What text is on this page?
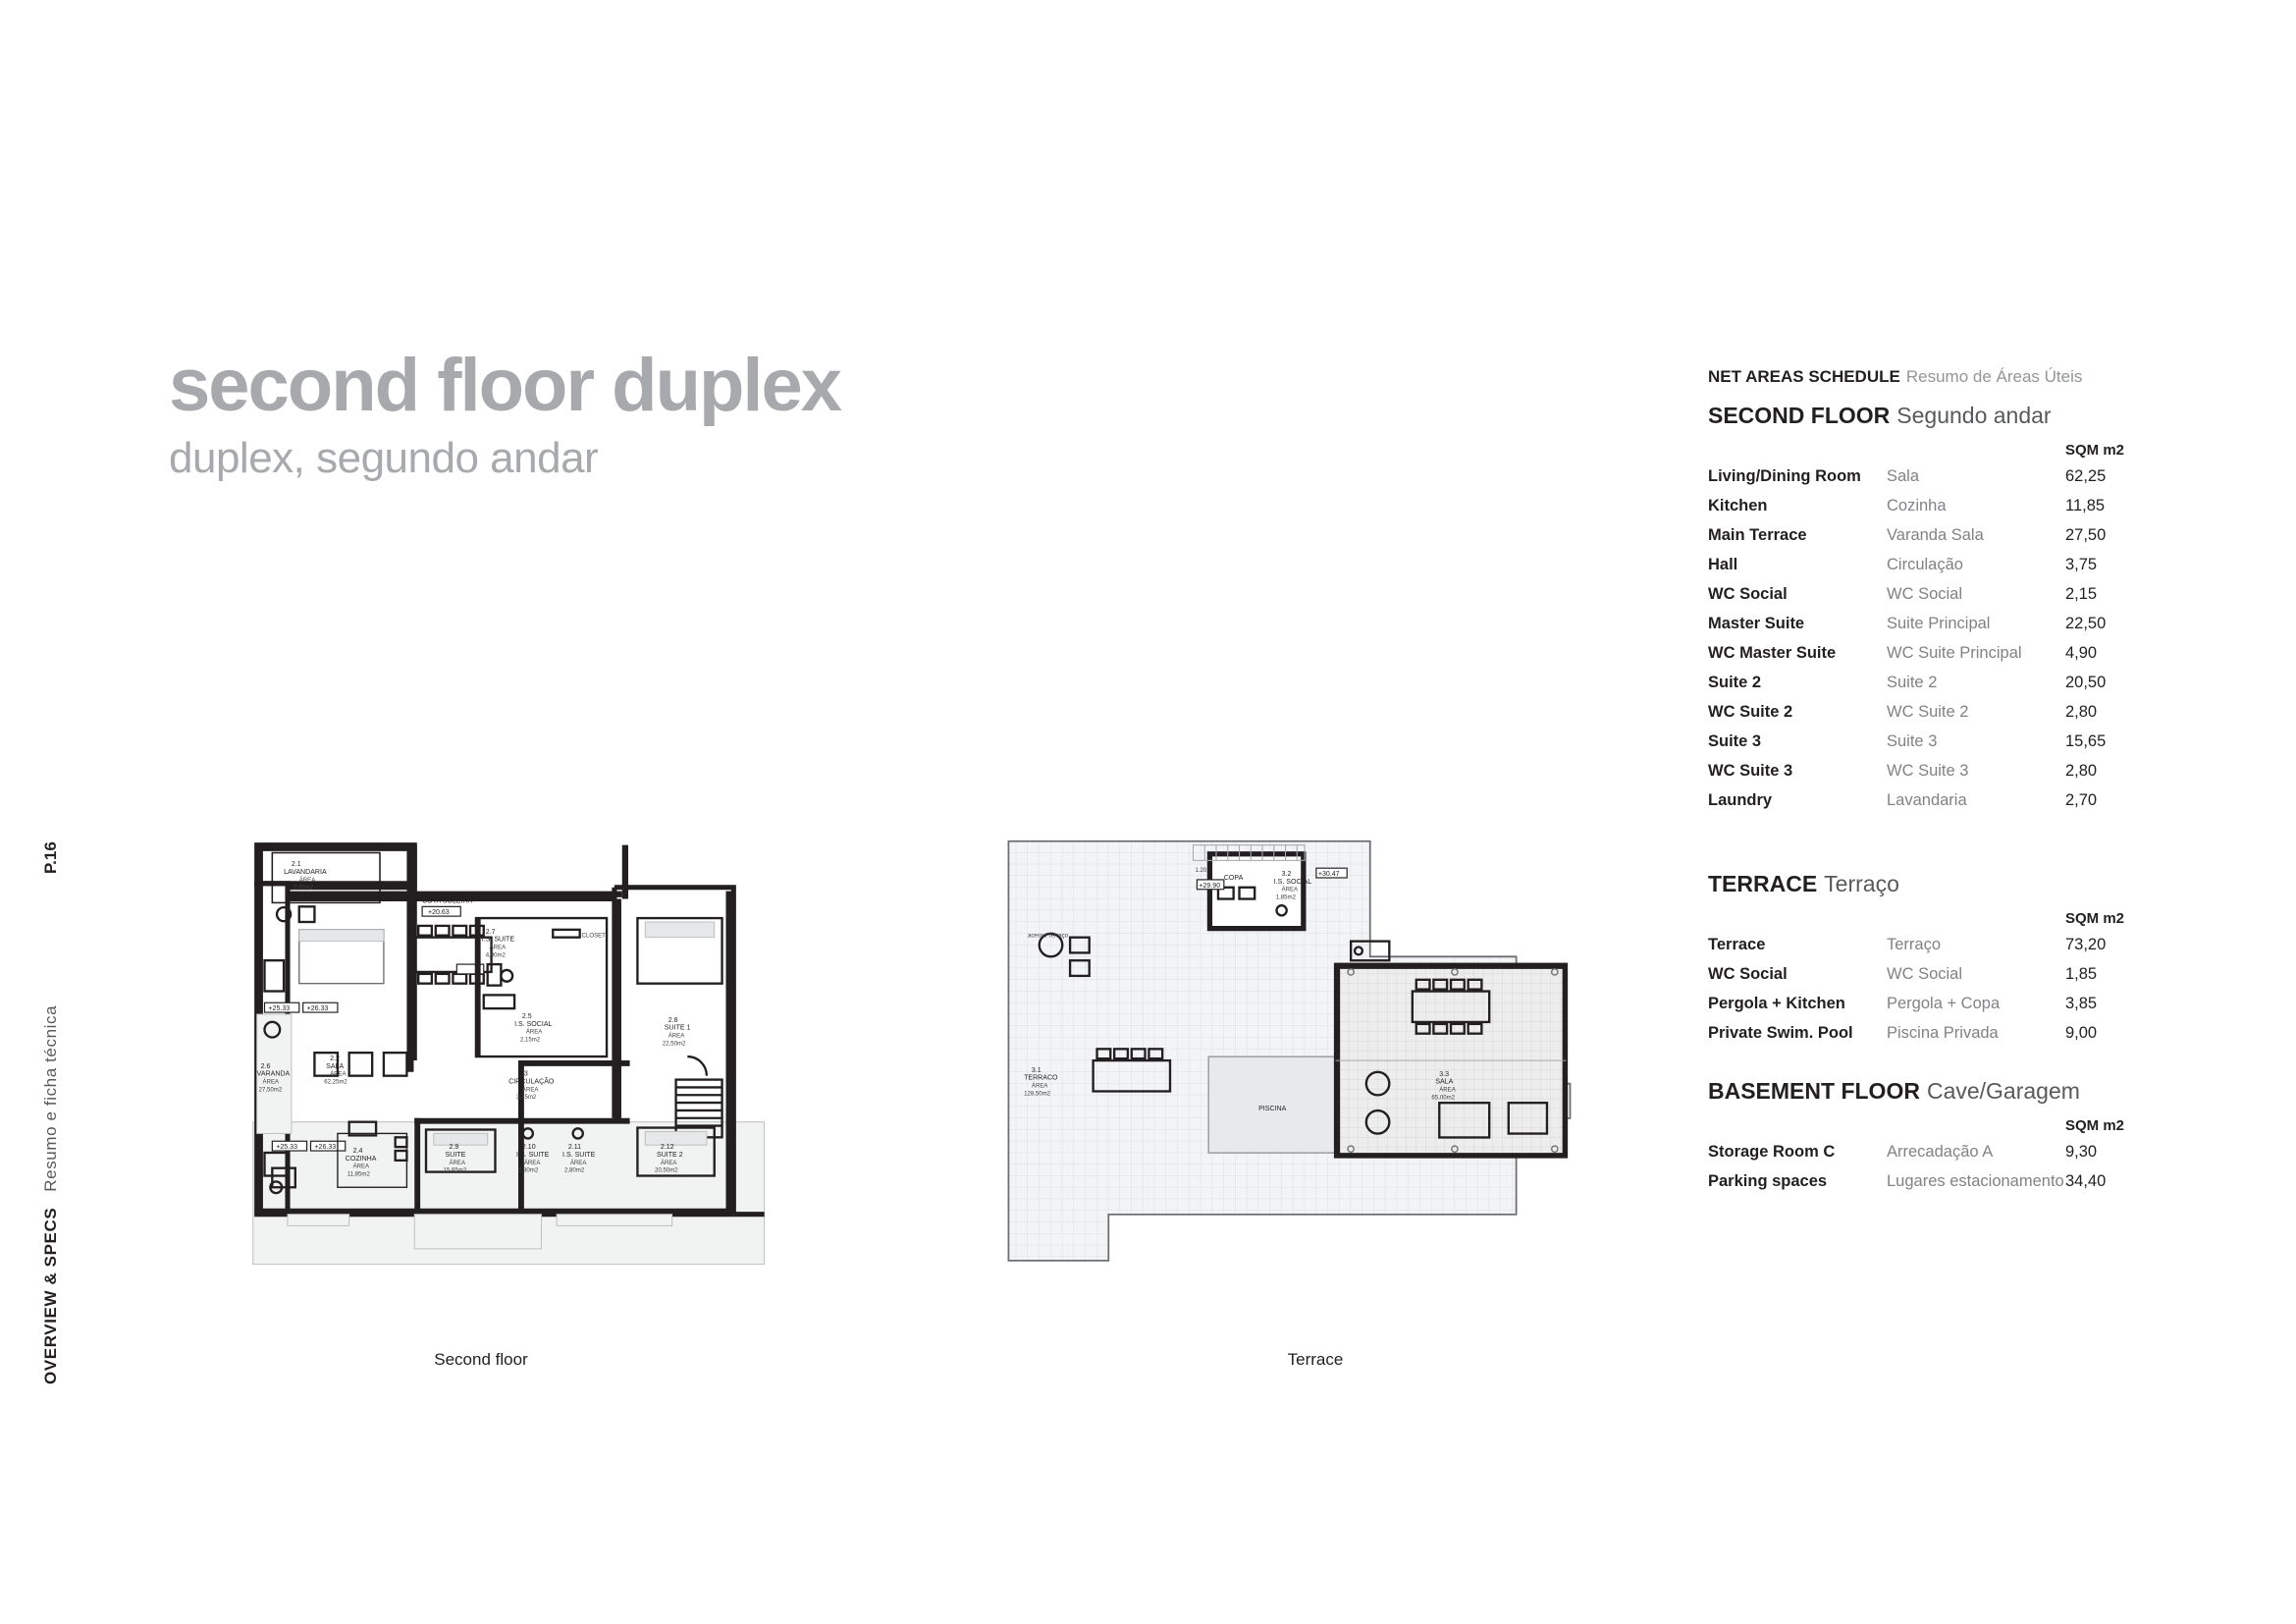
OVERVIEW & SPECS   Resumo e ficha técnica
P.16
second floor duplex
duplex, segundo andar
NET AREAS SCHEDULE Resumo de Áreas Úteis
SECOND FLOOR Segundo andar
		SQM m2
Living/Dining Room	Sala	62,25
Kitchen	Cozinha	11,85
Main Terrace	Varanda Sala	27,50
Hall	Circulação	3,75
WC Social	WC Social	2,15
Master Suite	Suite Principal	22,50
WC Master Suite	WC Suite Principal	4,90
Suite 2	Suite 2	20,50
WC Suite 2	WC Suite 2	2,80
Suite 3	Suite 3	15,65
WC Suite 3	WC Suite 3	2,80
Laundry	Lavandaria	2,70
TERRACE Terraço
		SQM m2
Terrace	Terraço	73,20
WC Social	WC Social	1,85
Pergola + Kitchen	Pergola + Copa	3,85
Private Swim. Pool	Piscina Privada	9,00
BASEMENT FLOOR Cave/Garagem
		SQM m2
Storage Room C	Arrecadação A	9,30
Parking spaces	Lugares estacionamento	34,40
2.1
LAVANDARIA
ÁREA
2,70m2
2.6
VARANDA
ÁREA
27,50m2
2.2
SALA
ÁREA
62,25m2
COTA SOLEIRA
+20.63
+25.33	+26.33
+25.33	+26.33
2.7
I.S. SUITE
ÁREA
4,90m2
2.5
I.S. SOCIAL
ÁREA
2,15m2
2.3
CIRCULAÇÃO
ÁREA
3,75m2
2.8
SUITE 1
ÁREA
22,50m2
CLOSET
2.4
COZINHA
ÁREA
11,85m2
2.9
SUITE
ÁREA
15,65m2
2.10
I.S. SUITE
ÁREA
2,80m2
2.11
I.S. SUITE
ÁREA
2,80m2
2.12
SUITE 2
ÁREA
20,50m2
Second floor
PISCINA
3.3
SALA
ÁREA
65,00m2
3.1
TERRACO
ÁREA
128,50m2
3.2
I.S. SOCIAL
ÁREA
1,85m2
COPA
acesso Terraço
1.20
+29.90
+30.47
Terrace
